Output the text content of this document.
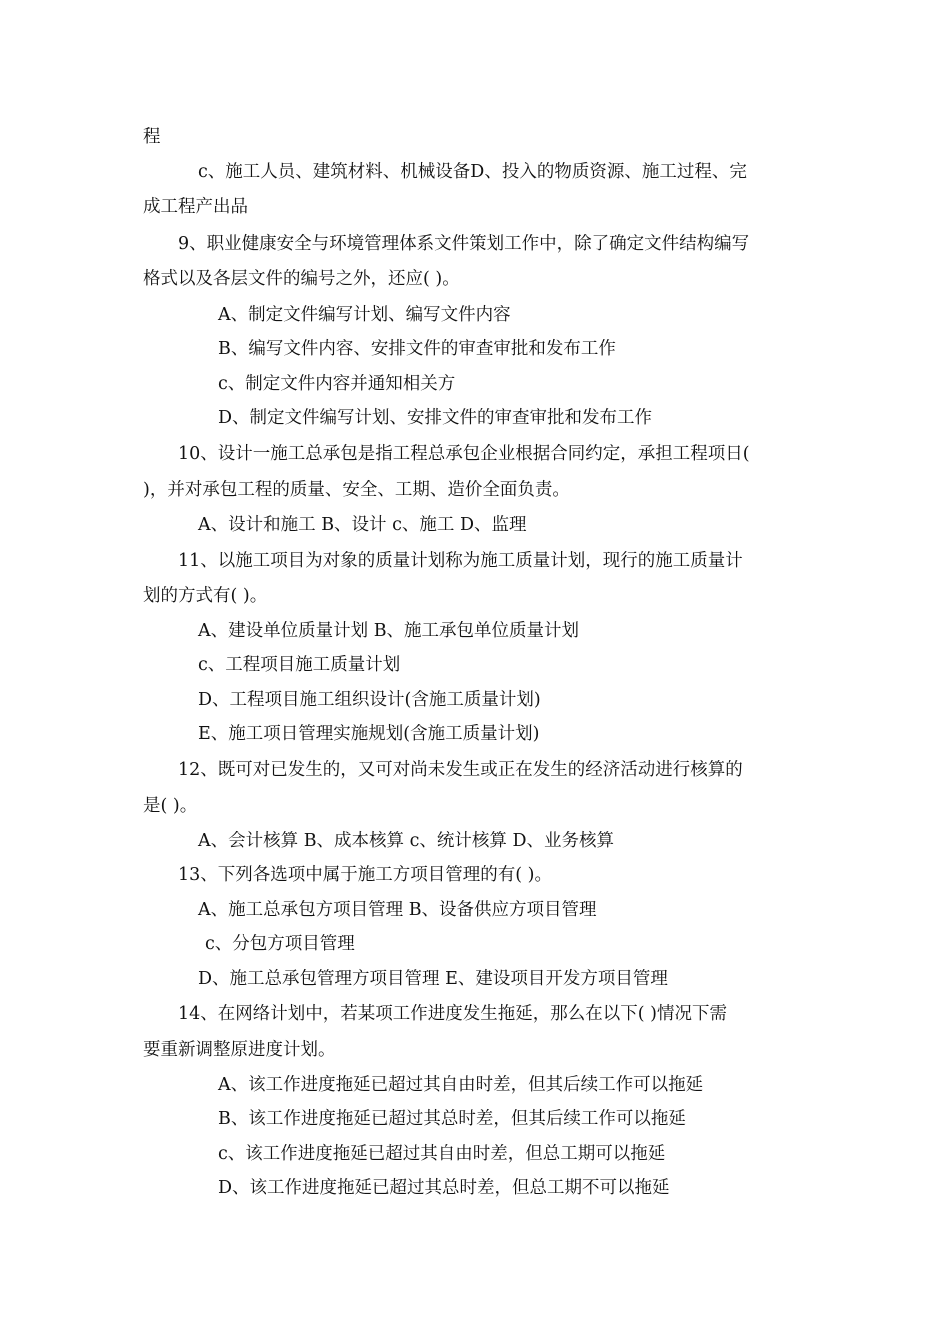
程
c、施工人员、建筑材料、机械设备D、投入的物质资源、施工过程、完
成工程产出品
9、职业健康安全与环境管理体系文件策划工作中，除了确定文件结构编写
格式以及各层文件的编号之外，还应( )。
A、制定文件编写计划、编写文件内容
B、编写文件内容、安排文件的审查审批和发布工作
c、制定文件内容并通知相关方
D、制定文件编写计划、安排文件的审查审批和发布工作
10、设计一施工总承包是指工程总承包企业根据合同约定，承担工程项日(
)，并对承包工程的质量、安全、工期、造价全面负责。
A、设计和施工 B、设计 c、施工 D、监理
11、以施工项目为对象的质量计划称为施工质量计划，现行的施工质量计
划的方式有( )。
A、建设单位质量计划 B、施工承包单位质量计划
c、工程项目施工质量计划
D、工程项目施工组织设计(含施工质量计划)
E、施工项日管理实施规划(含施工质量计划)
12、既可对已发生的，又可对尚未发生或正在发生的经济活动进行核算的
是( )。
A、会计核算 B、成本核算 c、统计核算 D、业务核算
13、下列各选项中属于施工方项目管理的有( )。
A、施工总承包方项目管理 B、设备供应方项目管理
c、分包方项目管理
D、施工总承包管理方项目管理 E、建设项目开发方项目管理
14、在网络计划中，若某项工作进度发生拖延，那么在以下( )情况下需
要重新调整原进度计划。
A、该工作进度拖延已超过其自由时差，但其后续工作可以拖延
B、该工作进度拖延已超过其总时差，但其后续工作可以拖延
c、该工作进度拖延已超过其自由时差，但总工期可以拖延
D、该工作进度拖延已超过其总时差，但总工期不可以拖延
